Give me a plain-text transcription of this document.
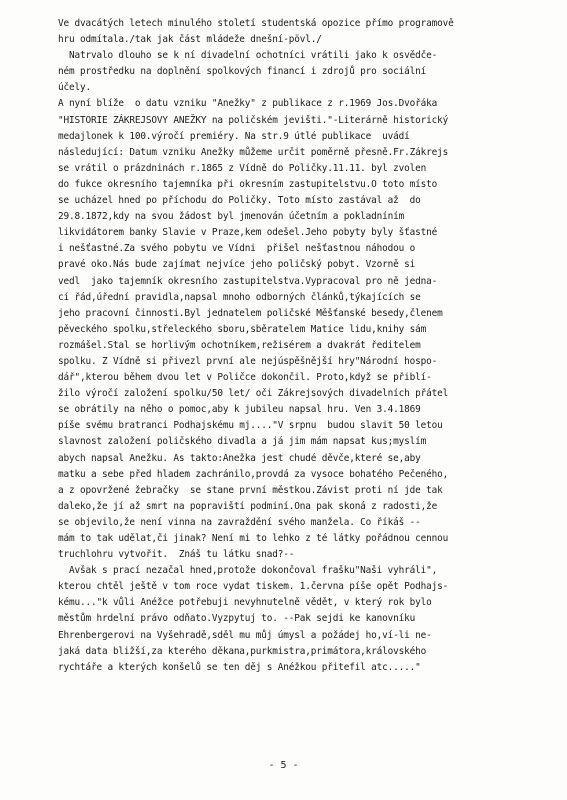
Ve dvacátých letech minulého století studentská opozice přímo programově
hru odmítala./tak jak část mládeže dnešní-pövl./
Natrvalo dlouho se k ní divadelní ochotníci vrátili jako k osvědče-
ném prostředku na doplnění spolkových financí i zdrojů pro sociální
účely.
A nyní blíže  o datu vzniku "Anežky" z publikace z r.1969 Jos.Dvořáka
"HISTORIE ZÁKREJSOVY ANEŽKY na poličském jevišti."-Literárně historický
medajlonek k 100.výročí premiéry. Na str.9 útlé publikace  uvádí
následující: Datum vzniku Anežky můžeme určit poměrně přesně.Fr.Zákrejs
se vrátil o prázdninách r.1865 z Vídně do Poličky.11.11. byl zvolen
do fukce okresního tajemníka při okresním zastupitelstvu.O toto místo
se ucházel hned po příchodu do Poličky. Toto místo zastával až  do
29.8.1872,kdy na svou žádost byl jmenován účetním a pokladníním
likvidátorem banky Slavie v Praze,kem odešel.Jeho pobyty byly šťastné
i nešťastné.Za svého pobytu ve Vídni  přišel nešťastnou náhodou o
pravé oko.Nás bude zajímat nejvíce jeho poličský pobyt. Vzorně si
vedl  jako tajemník okresního zastupitelstva.Vypracoval pro ně jedna-
cí řád,úřední pravidla,napsal mnoho odborných článků,týkajících se
jeho pracovní činnosti.Byl jednatelem poličské Měšťanské besedy,členem
pěveckého spolku,střeleckého sboru,sběratelem Matice lidu,knihy sám
rozmášel.Stal se horlivým ochotníkem,režisérem a dvakrát ředitelem
spolku. Z Vídně si přivezl první ale nejúspěšnější hry"Národní hospo-
dář",kterou během dvou let v Poličce dokončil. Proto,když se přiblí-
žilo výročí založení spolku/50 let/ oči Zákrejsových divadelních přátel
se obrátily na něho o pomoc,aby k jubileu napsal hru. Ven 3.4.1869
píše svému bratranci Podhajskému mj...."V srpnu  budou slavit 50 letou
slavnost založení poličského divadla a já jim mám napsat kus;myslím
abych napsal Anežku. As takto:Anežka jest chudé děvče,které se,aby
matku a sebe před hladem zachránilo,provdá za vysoce bohatého Pečeného,
a z opovržené žebračky  se stane první městkou.Závist proti ní jde tak
daleko,že jí až smrt na popraviští podminí.Ona pak skoná z radosti,že
se objevilo,že není vinna na zavraždění svého manžela. Co říkáš --
mám to tak udělat,či jinak? Není mi to lehko z té látky pořádnou cennou
truchlohru vytvořit.  Znáš tu látku snad?--
Avšak s prací nezačal hned,protože dokončoval frašku"Naši vyhráli",
kterou chtěl ještě v tom roce vydat tiskem. 1.června píše opět Podhajs-
kému..."k vůli Anéžce potřebuji nevyhnutelně vědět, v který rok bylo
městům hrdelní právo odňato.Vyzpytuj to. --Pak sejdi ke kanovníku
Ehrenbergerovi na Vyšehradě,sděl mu můj úmysl a požádej ho,ví-li ne-
jaká data bližší,za kterého děkana,purkmistra,primátora,královského
rychtáře a kterých konšelů se ten děj s Anéžkou přitefil atc....."
- 5 -
